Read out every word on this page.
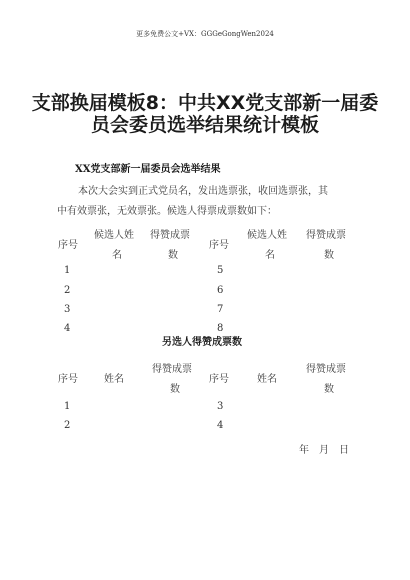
更多免费公文+VX：GGGeGongWen2024
支部换届模板8：中共XX党支部新一届委
员会委员选举结果统计模板
XX党支部新一届委员会选举结果
本次大会实到正式党员名，发出选票张，收回选票张，其
中有效票张，无效票张。候选人得票成票数如下：
序号
候选人姓
名
得赞成票
数
序号
候选人姓
名
得赞成票
数
1
2
3
4
5
6
7
8
另选人得赞成票数
序号	姓名
得赞成票
数
序号	姓名
得赞成票
数
1
2
3
4
年　月　日
